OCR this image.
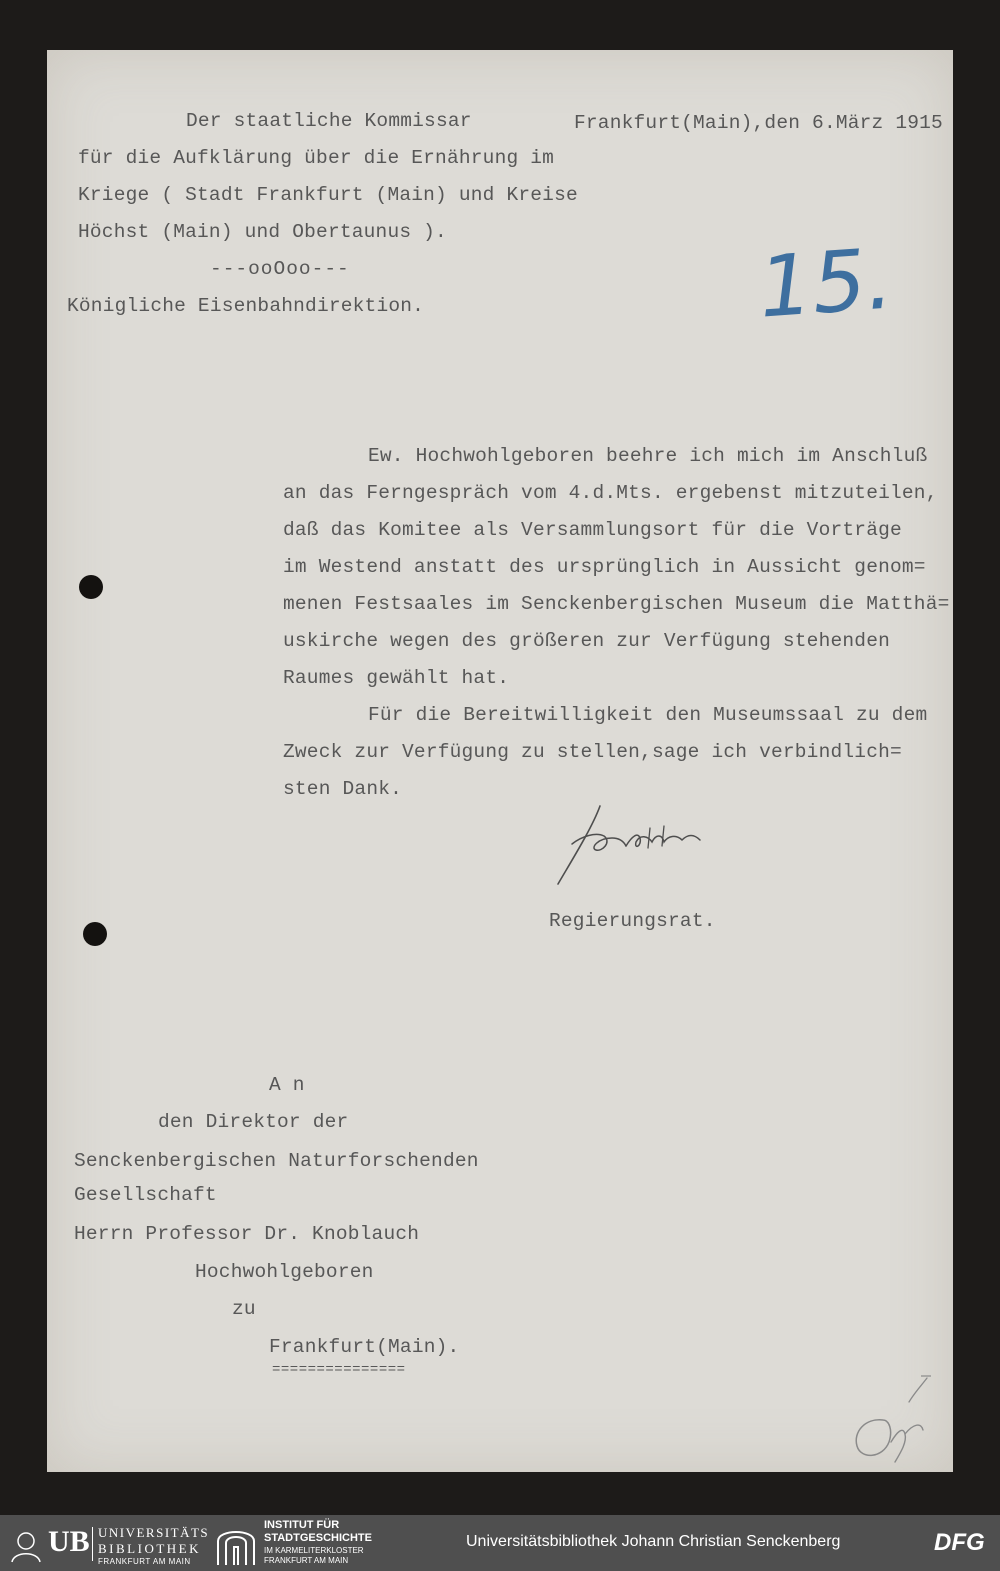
Der staatliche Kommissar

für die Aufklärung über die Ernährung im

Kriege ( Stadt Frankfurt (Main) und Kreise

Höchst (Main) und Obertaunus ).

---ooOoo---

Königliche Eisenbahndirektion.

Frankfurt(Main),den 6.März 1915

Ew. Hochwohlgeboren beehre ich mich im Anschluß

an das Ferngespräch vom 4.d.Mts. ergebenst mitzuteilen,

daß das Komitee als Versammlungsort für die Vorträge

im Westend anstatt des ursprünglich in Aussicht genom=

menen Festsaales im Senckenbergischen Museum die Matthä=

uskirche wegen des größeren zur Verfügung stehenden

Raumes gewählt hat.

Für die Bereitwilligkeit den Museumssaal zu dem

Zweck zur Verfügung zu stellen,sage ich verbindlich=

sten Dank.

Regierungsrat.

A n

den Direktor der

Senckenbergischen Naturforschenden

Gesellschaft

Herrn Professor Dr. Knoblauch

Hochwohlgeboren

zu

Frankfurt(Main).

===============

15.
UB UNIVERSITÄTS
BIBLIOTHEK
FRANKFURT AM MAIN
INSTITUT FÜR
STADTGESCHICHTE
IM KARMELITERKLOSTER
FRANKFURT AM MAIN
Universitätsbibliothek Johann Christian Senckenberg	DFG
